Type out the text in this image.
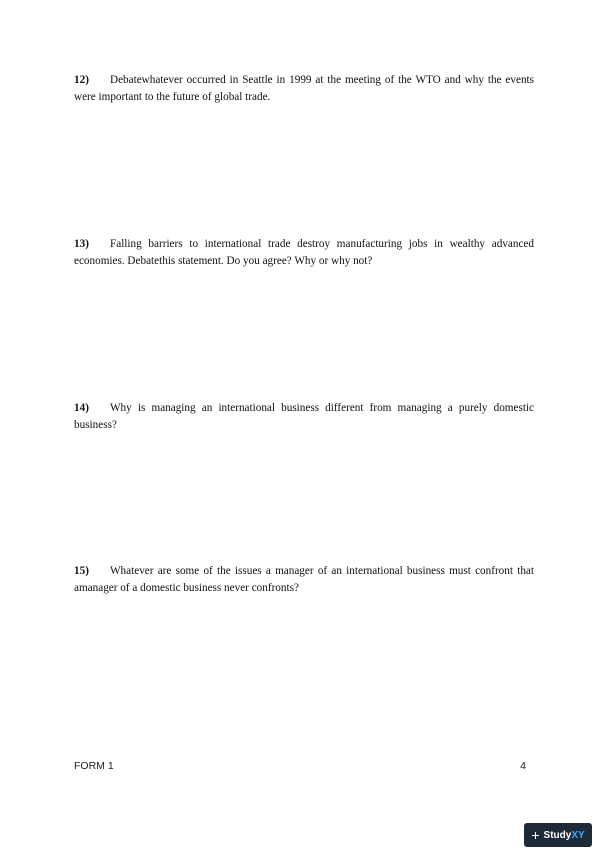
12) Debatewhatever occurred in Seattle in 1999 at the meeting of the WTO and why the events were important to the future of global trade.
13) Falling barriers to international trade destroy manufacturing jobs in wealthy advanced economies. Debatethis statement. Do you agree? Why or why not?
14) Why is managing an international business different from managing a purely domestic business?
15) Whatever are some of the issues a manager of an international business must confront that amanager of a domestic business never confronts?
FORM 1	4
+ StudyXY
